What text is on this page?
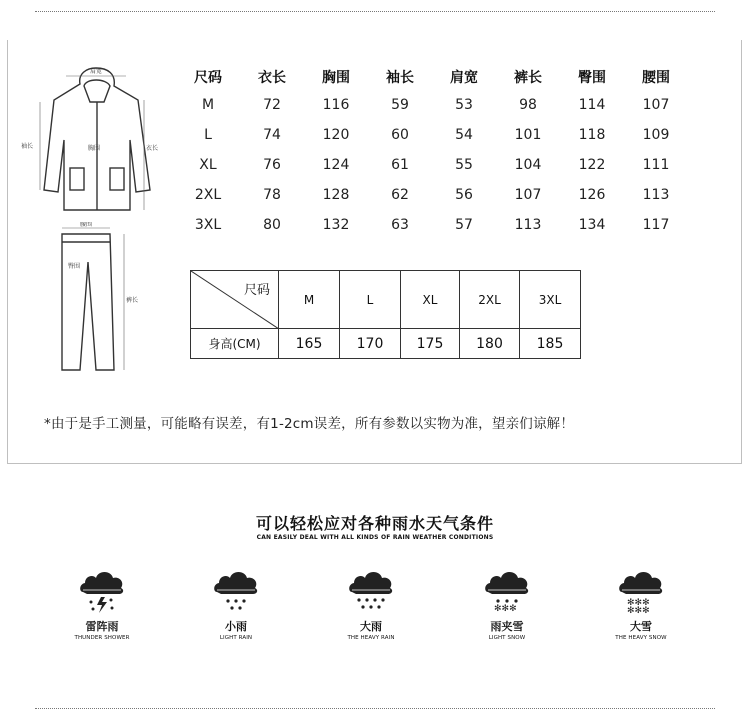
肩宽
袖长	胸围	衣长
腰围
臀围
裤长
尺码	衣长	胸围	袖长	肩宽	裤长	臀围	腰围
M	72	116	59	53	98	114	107
L	74	120	60	54	101	118	109
XL	76	124	61	55	104	122	111
2XL	78	128	62	56	107	126	113
3XL	80	132	63	57	113	134	117
尺码	M	L	XL	2XL	3XL
身高(CM)	165	170	175	180	185
*由于是手工测量，可能略有误差，有1-2cm误差，所有参数以实物为准，望亲们谅解！
可以轻松应对各种雨水天气条件
CAN EASILY DEAL WITH ALL KINDS OF RAIN WEATHER CONDITIONS
雷阵雨
THUNDER SHOWER
小雨
LIGHT RAIN
大雨
THE HEAVY RAIN
✻✻✻
雨夹雪
LIGHT SNOW
✻✻✻
✻✻✻
大雪
THE HEAVY SNOW
